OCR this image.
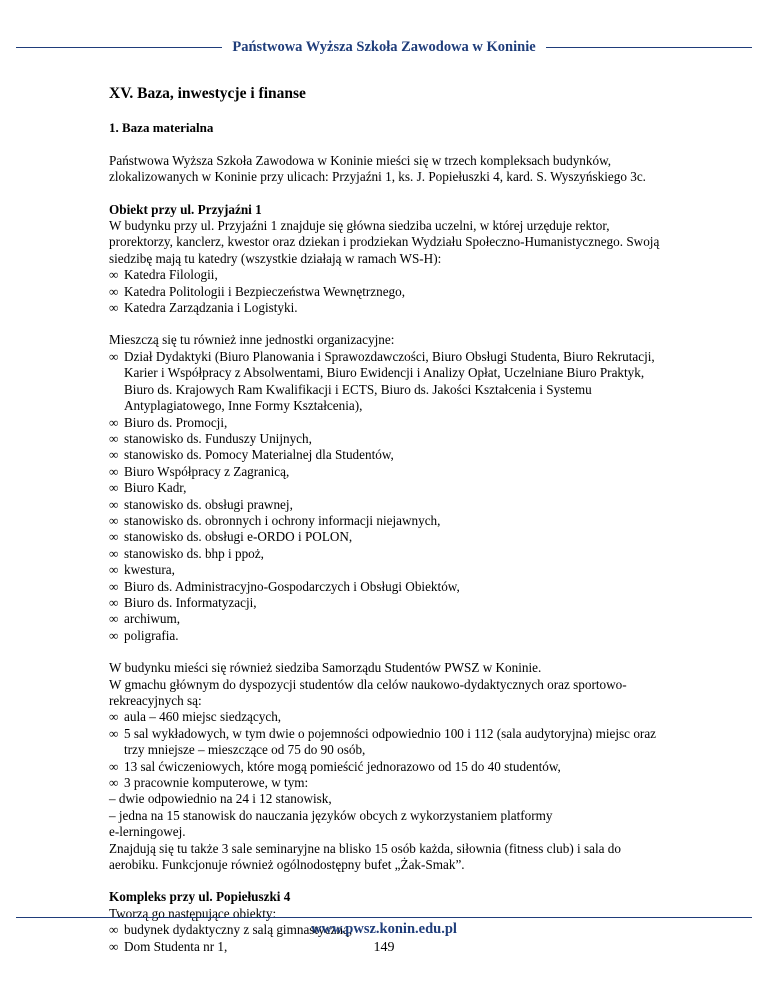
Państwowa Wyższa Szkoła Zawodowa w Koninie
XV. Baza, inwestycje i finanse
1. Baza materialna

Państwowa Wyższa Szkoła Zawodowa w Koninie mieści się w trzech kompleksach budynków, zlokalizowanych w Koninie przy ulicach: Przyjaźni 1, ks. J. Popiełuszki 4, kard. S. Wyszyńskiego 3c.

Obiekt przy ul. Przyjaźni 1

W budynku przy ul. Przyjaźni 1 znajduje się główna siedziba uczelni, w której urzęduje rektor, prorektorzy, kanclerz, kwestor oraz dziekan i prodziekan Wydziału Społeczno-Humanistycznego. Swoją siedzibę mają tu katedry (wszystkie działają w ramach WS-H):

∞ Katedra Filologii,
∞ Katedra Politologii i Bezpieczeństwa Wewnętrznego,
∞ Katedra Zarządzania i Logistyki.

Mieszczą się tu również inne jednostki organizacyjne:

∞ Dział Dydaktyki (Biuro Planowania i Sprawozdawczości, Biuro Obsługi Studenta, Biuro Rekrutacji, Karier i Współpracy z Absolwentami, Biuro Ewidencji i Analizy Opłat, Uczelniane Biuro Praktyk, Biuro ds. Krajowych Ram Kwalifikacji i ECTS, Biuro ds. Jakości Kształcenia i Systemu Antyplagiatowego, Inne Formy Kształcenia),
∞ Biuro ds. Promocji,
∞ stanowisko ds. Funduszy Unijnych,
∞ stanowisko ds. Pomocy Materialnej dla Studentów,
∞ Biuro Współpracy z Zagranicą,
∞ Biuro Kadr,
∞ stanowisko ds. obsługi prawnej,
∞ stanowisko ds. obronnych i ochrony informacji niejawnych,
∞ stanowisko ds. obsługi e-ORDO i POLON,
∞ stanowisko ds. bhp i ppoż,
∞ kwestura,
∞ Biuro ds. Administracyjno-Gospodarczych i Obsługi Obiektów,
∞ Biuro ds. Informatyzacji,
∞ archiwum,
∞ poligrafia.

W budynku mieści się również siedziba Samorządu Studentów PWSZ w Koninie.

W gmachu głównym do dyspozycji studentów dla celów naukowo-dydaktycznych oraz sportowo-rekreacyjnych są:

∞ aula – 460 miejsc siedzących,
∞ 5 sal wykładowych, w tym dwie o pojemności odpowiednio 100 i 112 (sala audytoryjna) miejsc oraz trzy mniejsze – mieszczące od 75 do 90 osób,
∞ 13 sal ćwiczeniowych, które mogą pomieścić jednorazowo od 15 do 40 studentów,
∞ 3 pracownie komputerowe, w tym:

– dwie odpowiednio na 24 i 12 stanowisk,

– jedna na 15 stanowisk do nauczania języków obcych z wykorzystaniem platformy

e-lerningowej.

Znajdują się tu także 3 sale seminaryjne na blisko 15 osób każda, siłownia (fitness club) i sala do aerobiku. Funkcjonuje również ogólnodostępny bufet „Żak-Smak”.

Kompleks przy ul. Popiełuszki 4

Tworzą go następujące obiekty:

∞ budynek dydaktyczny z salą gimnastyczną,
∞ Dom Studenta nr 1,
www.pwsz.konin.edu.pl
149
